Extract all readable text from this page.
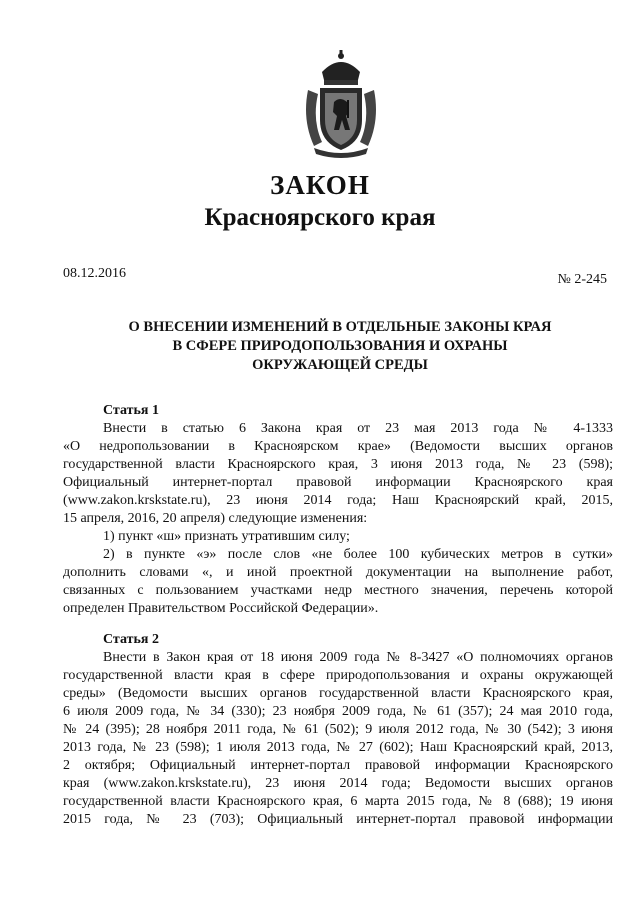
ЗАКОН
Красноярского края
08.12.2016	№ 2-245
О ВНЕСЕНИИ ИЗМЕНЕНИЙ В ОТДЕЛЬНЫЕ ЗАКОНЫ КРАЯ
В СФЕРЕ ПРИРОДОПОЛЬЗОВАНИЯ И ОХРАНЫ
ОКРУЖАЮЩЕЙ СРЕДЫ
Статья 1

Внести в статью 6 Закона края от 23 мая 2013 года № 4-1333

«О недропользовании в Красноярском крае» (Ведомости высших органов

государственной власти Красноярского края, 3 июня 2013 года, № 23 (598);

Официальный интернет-портал правовой информации Красноярского края

(www.zakon.krskstate.ru), 23 июня 2014 года; Наш Красноярский край, 2015,

15 апреля, 2016, 20 апреля) следующие изменения:

1) пункт «ш» признать утратившим силу;

2) в пункте «э» после слов «не более 100 кубических метров в сутки»

дополнить словами «, и иной проектной документации на выполнение работ,

связанных с пользованием участками недр местного значения, перечень которой

определен Правительством Российской Федерации».

Статья 2

Внести в Закон края от 18 июня 2009 года № 8-3427 «О полномочиях органов

государственной власти края в сфере природопользования и охраны окружающей

среды» (Ведомости высших органов государственной власти Красноярского края,

6 июля 2009 года, № 34 (330); 23 ноября 2009 года, № 61 (357); 24 мая 2010 года,

№ 24 (395); 28 ноября 2011 года, № 61 (502); 9 июля 2012 года, № 30 (542); 3 июня

2013 года, № 23 (598); 1 июля 2013 года, № 27 (602); Наш Красноярский край, 2013,

2 октября; Официальный интернет-портал правовой информации Красноярского

края (www.zakon.krskstate.ru), 23 июня 2014 года; Ведомости высших органов

государственной власти Красноярского края, 6 марта 2015 года, № 8 (688); 19 июня

2015 года, № 23 (703); Официальный интернет-портал правовой информации
